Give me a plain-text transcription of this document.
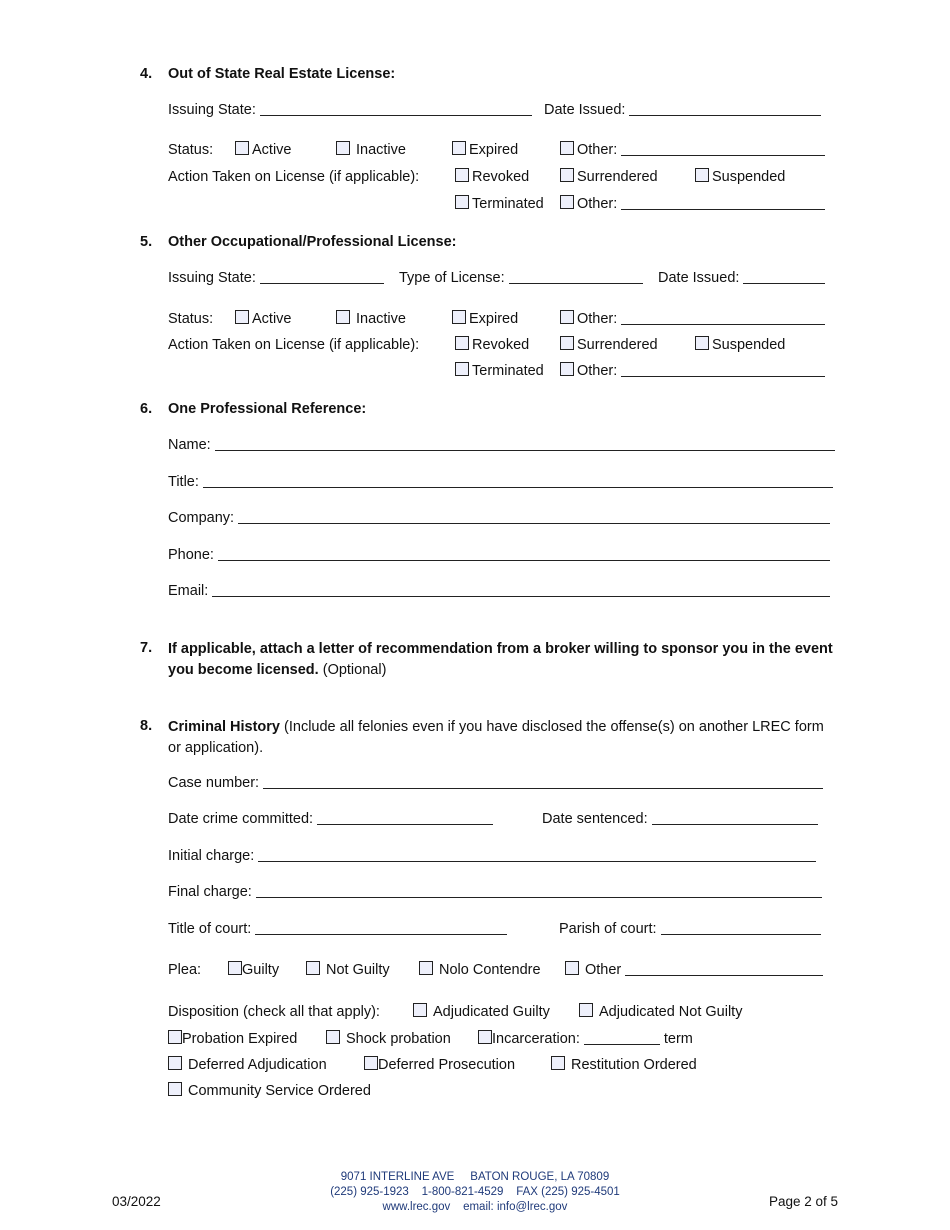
4. Out of State Real Estate License:
Issuing State:	Date Issued:
Status:	Active	Inactive	Expired	Other:
Action Taken on License (if applicable):	Revoked	Surrendered	Suspended
Terminated	Other:
5. Other Occupational/Professional License:
Issuing State:	Type of License:	Date Issued:
Status:	Active	Inactive	Expired	Other:
Action Taken on License (if applicable):	Revoked	Surrendered	Suspended
Terminated	Other:
6. One Professional Reference:
Name:
Title:
Company:
Phone:
Email:
7. If applicable, attach a letter of recommendation from a broker willing to sponsor you in the event you become licensed. (Optional)
8. Criminal History (Include all felonies even if you have disclosed the offense(s) on another LREC form or application).
Case number:
Date crime committed:	Date sentenced:
Initial charge:
Final charge:
Title of court:	Parish of court:
Plea:	Guilty	Not Guilty	Nolo Contendre	Other
Disposition (check all that apply):	Adjudicated Guilty	Adjudicated Not Guilty
Probation Expired	Shock probation	Incarceration:	term
Deferred Adjudication	Deferred Prosecution	Restitution Ordered
Community Service Ordered
03/2022
9071 INTERLINE AVE     BATON ROUGE, LA 70809
(225) 925-1923    1-800-821-4529    FAX (225) 925-4501
www.lrec.gov    email: info@lrec.gov	Page 2 of 5
